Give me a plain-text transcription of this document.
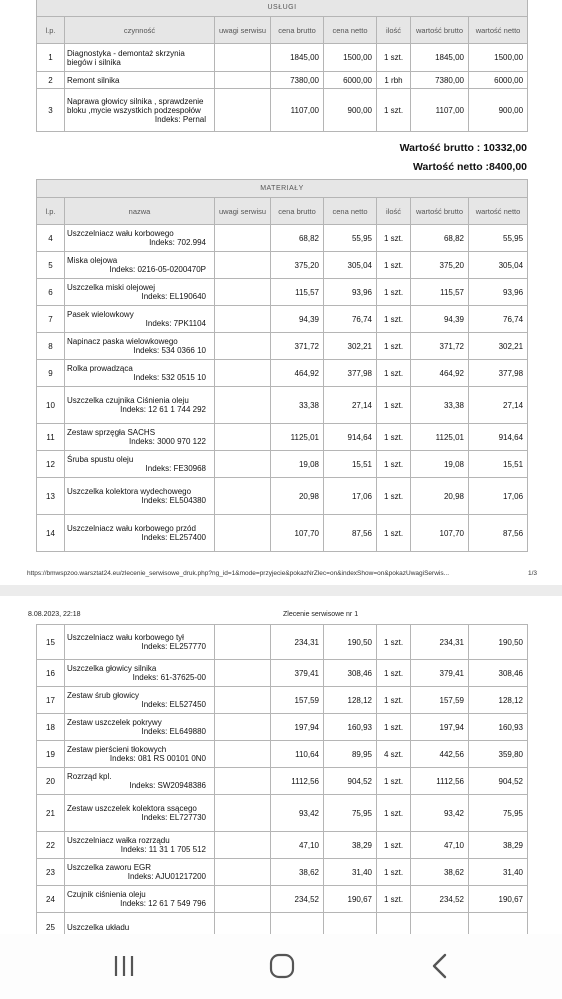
USŁUGI							
l.p.	czynność	uwagi serwisu	cena brutto	cena netto	ilość	wartość brutto	wartość netto
1	Diagnostyka - demontaż skrzynia biegów i silnika		1845,00	1500,00	1 szt.	1845,00	1500,00
2	Remont silnika		7380,00	6000,00	1 rbh	7380,00	6000,00
3	Naprawa głowicy silnika , sprawdzenie bloku ,mycie wszystkich podzespołów
Indeks: Pernal		1107,00	900,00	1 szt.	1107,00	900,00
Wartość brutto : 10332,00
Wartość netto :8400,00
MATERIAŁY							
l.p.	nazwa	uwagi serwisu	cena brutto	cena netto	ilość	wartość brutto	wartość netto
4	Uszczelniacz wału korbowego
Indeks: 702.994		68,82	55,95	1 szt.	68,82	55,95
5	Miska olejowa
Indeks: 0216-05-0200470P		375,20	305,04	1 szt.	375,20	305,04
6	Uszczelka miski olejowej
Indeks: EL190640		115,57	93,96	1 szt.	115,57	93,96
7	Pasek wielowkowy
Indeks: 7PK1104		94,39	76,74	1 szt.	94,39	76,74
8	Napinacz paska wielowkowego
Indeks: 534 0366 10		371,72	302,21	1 szt.	371,72	302,21
9	Rolka prowadząca
Indeks: 532 0515 10		464,92	377,98	1 szt.	464,92	377,98
10	Uszczelka czujnika Ciśnienia oleju
Indeks: 12 61 1 744 292		33,38	27,14	1 szt.	33,38	27,14
11	Zestaw sprzęgła SACHS
Indeks: 3000 970 122		1125,01	914,64	1 szt.	1125,01	914,64
12	Śruba spustu oleju
Indeks: FE30968		19,08	15,51	1 szt.	19,08	15,51
13	Uszczelka kolektora wydechowego
Indeks: EL504380		20,98	17,06	1 szt.	20,98	17,06
14	Uszczelniacz wału korbowego przód
Indeks: EL257400		107,70	87,56	1 szt.	107,70	87,56
https://bmwspzoo.warsztat24.eu/zlecenie_serwisowe_druk.php?ng_id=1&mode=przyjecie&pokazNrZlec=on&indexShow=on&pokazUwagiSerwis...	1/3
8.08.2023, 22:18	Zlecenie serwisowe nr 1
15	Uszczelniacz wału korbowego tył
Indeks: EL257770		234,31	190,50	1 szt.	234,31	190,50
16	Uszczelka głowicy silnika
Indeks: 61-37625-00		379,41	308,46	1 szt.	379,41	308,46
17	Zestaw śrub głowicy
Indeks: EL527450		157,59	128,12	1 szt.	157,59	128,12
18	Zestaw uszczelek pokrywy
Indeks: EL649880		197,94	160,93	1 szt.	197,94	160,93
19	Zestaw pierścieni tłokowych
Indeks: 081 RS 00101 0N0		110,64	89,95	4 szt.	442,56	359,80
20	Rozrząd kpl.
Indeks: SW20948386		1112,56	904,52	1 szt.	1112,56	904,52
21	Zestaw uszczelek kolektora ssącego
Indeks: EL727730		93,42	75,95	1 szt.	93,42	75,95
22	Uszczelniacz wałka rozrządu
Indeks: 11 31 1 705 512		47,10	38,29	1 szt.	47,10	38,29
23	Uszczelka zaworu EGR
Indeks: AJU01217200		38,62	31,40	1 szt.	38,62	31,40
24	Czujnik ciśnienia oleju
Indeks: 12 61 7 549 796		234,52	190,67	1 szt.	234,52	190,67
25	Uszczelka układu						
